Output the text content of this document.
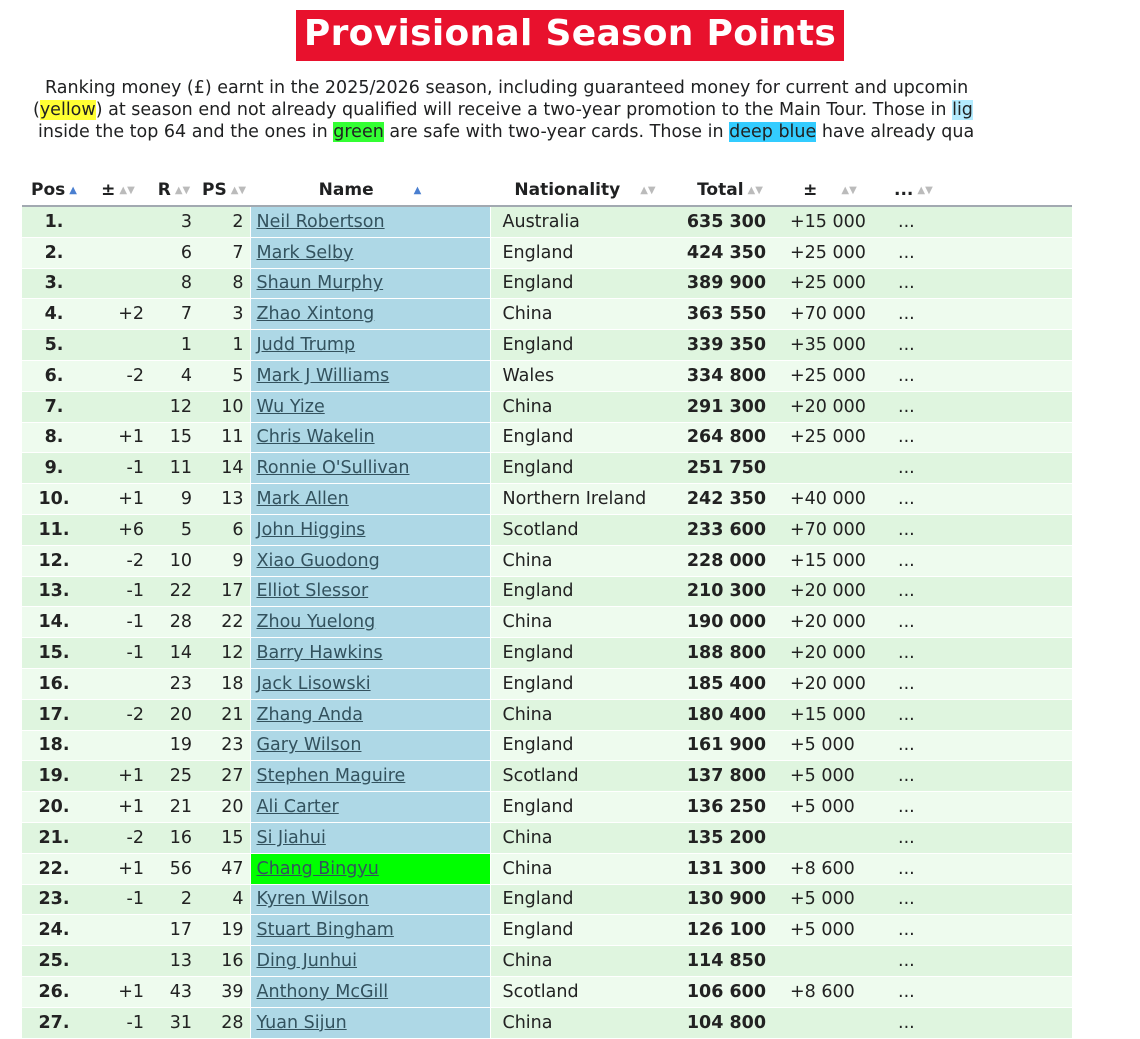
Provisional Season Points
Ranking money (£) earnt in the 2025/2026 season, including guaranteed money for current and upcomin
(yellow) at season end not already qualified will receive a two-year promotion to the Main Tour. Those in lig
inside the top 64 and the ones in green are safe with two-year cards. Those in deep blue have already qua
Pos ▲	± ▲▼	R ▲▼	PS ▲▼	Name ▲	Nationality ▲▼	Total ▲▼	± ▲▼	... ▲▼
1.		3	2	Neil Robertson	Australia	635 300	+15 000	...
2.		6	7	Mark Selby	England	424 350	+25 000	...
3.		8	8	Shaun Murphy	England	389 900	+25 000	...
4.	+2	7	3	Zhao Xintong	China	363 550	+70 000	...
5.		1	1	Judd Trump	England	339 350	+35 000	...
6.	-2	4	5	Mark J Williams	Wales	334 800	+25 000	...
7.		12	10	Wu Yize	China	291 300	+20 000	...
8.	+1	15	11	Chris Wakelin	England	264 800	+25 000	...
9.	-1	11	14	Ronnie O'Sullivan	England	251 750		...
10.	+1	9	13	Mark Allen	Northern Ireland	242 350	+40 000	...
11.	+6	5	6	John Higgins	Scotland	233 600	+70 000	...
12.	-2	10	9	Xiao Guodong	China	228 000	+15 000	...
13.	-1	22	17	Elliot Slessor	England	210 300	+20 000	...
14.	-1	28	22	Zhou Yuelong	China	190 000	+20 000	...
15.	-1	14	12	Barry Hawkins	England	188 800	+20 000	...
16.		23	18	Jack Lisowski	England	185 400	+20 000	...
17.	-2	20	21	Zhang Anda	China	180 400	+15 000	...
18.		19	23	Gary Wilson	England	161 900	+5 000	...
19.	+1	25	27	Stephen Maguire	Scotland	137 800	+5 000	...
20.	+1	21	20	Ali Carter	England	136 250	+5 000	...
21.	-2	16	15	Si Jiahui	China	135 200		...
22.	+1	56	47	Chang Bingyu	China	131 300	+8 600	...
23.	-1	2	4	Kyren Wilson	England	130 900	+5 000	...
24.		17	19	Stuart Bingham	England	126 100	+5 000	...
25.		13	16	Ding Junhui	China	114 850		...
26.	+1	43	39	Anthony McGill	Scotland	106 600	+8 600	...
27.	-1	31	28	Yuan Sijun	China	104 800		...
